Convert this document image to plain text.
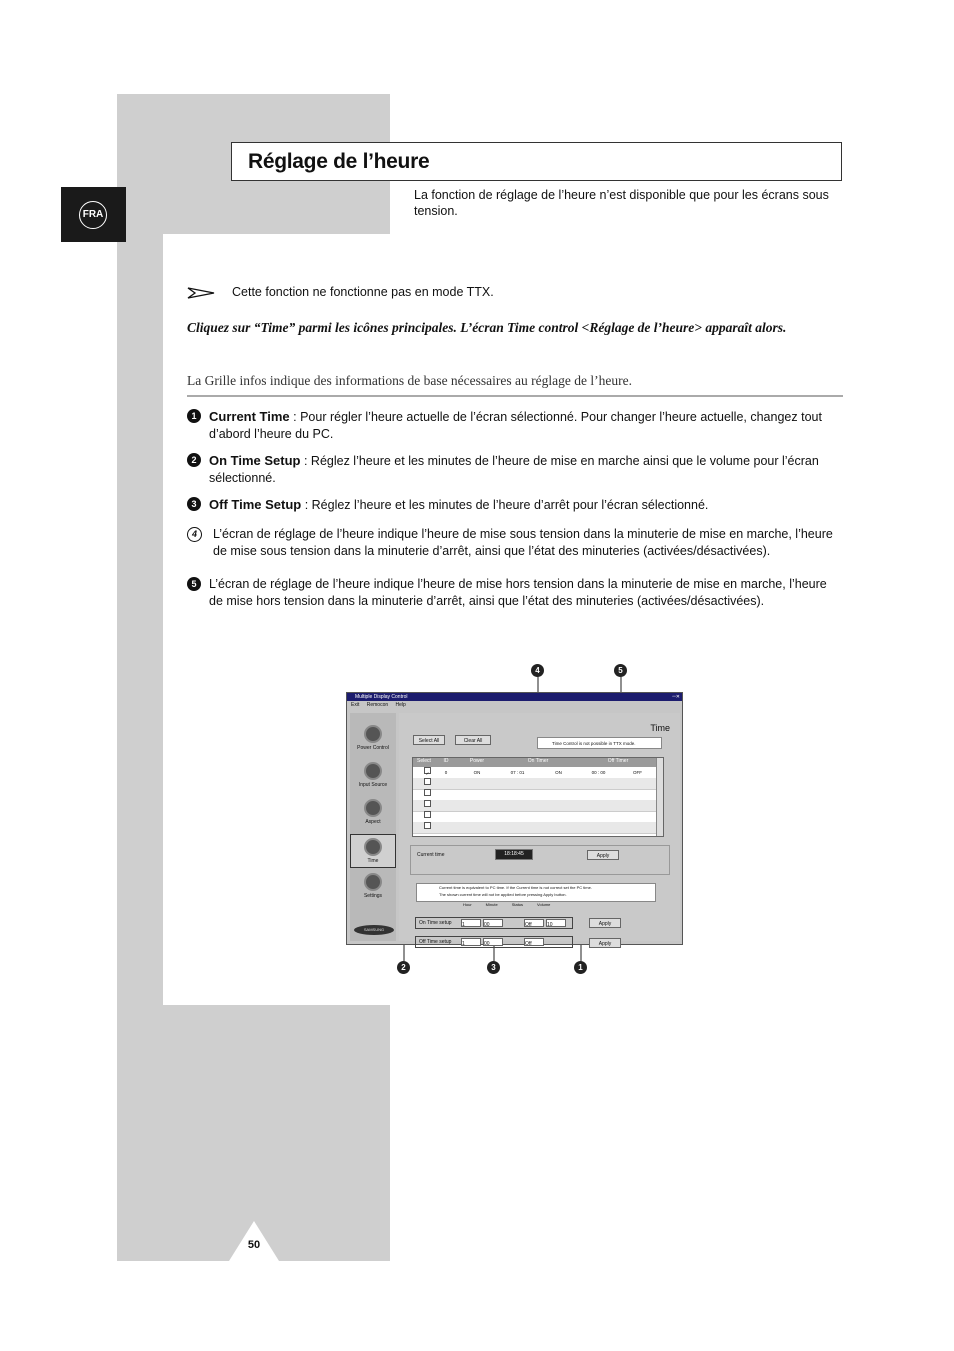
FRA
Réglage de l’heure
La fonction de réglage de l’heure n’est disponible que pour les écrans sous tension.
Cette fonction ne fonctionne pas en mode TTX.
Cliquez sur “Time” parmi les icônes principales. L’écran Time control <Réglage de l’heure> apparaît alors.
La Grille infos indique des informations de base nécessaires au réglage de l’heure.
1 Current Time : Pour régler l’heure actuelle de l’écran sélectionné. Pour changer l’heure actuelle, changez tout d’abord l’heure du PC.
2 On Time Setup : Réglez l’heure et les minutes de l’heure de mise en marche ainsi que le volume pour l’écran sélectionné.
3 Off Time Setup : Réglez l’heure et les minutes de l’heure d’arrêt pour l’écran sélectionné.
4	L’écran de réglage de l’heure indique l’heure de mise sous tension dans la minuterie de mise en marche, l’heure de mise sous tension dans la minuterie d’arrêt, ainsi que l’état des minuteries (activées/désactivées).
5	L’écran de réglage de l’heure indique l’heure de mise hors tension dans la minuterie de mise en marche, l’heure de mise hors tension dans la minuterie d’arrêt, ainsi que l’état des minuteries (activées/désactivées).
4	5
2	3	1
Multiple Display Control	▫▫✕
Exit Remocon Help
Power Control
Input Source
Aspect
Time
Settings
SAMSUNG
Time
Select All	Clear All	Time Control is not possible in TTX mode.
Select	ID	Power	On Timer	Off Timer
✓	0	ON	07 : 01	ON	00 : 00	OFF
Current time	18:18:45	Apply
Current time is equivalent to PC time. If the Current time is not correct set the PC time.
The shown current time will not be applied before pressing Apply button.
On Time setup 1	00	Off	10
Hour	Minute	Status	Volume
Apply
Off Time setup 1	00	Off	Apply
50
